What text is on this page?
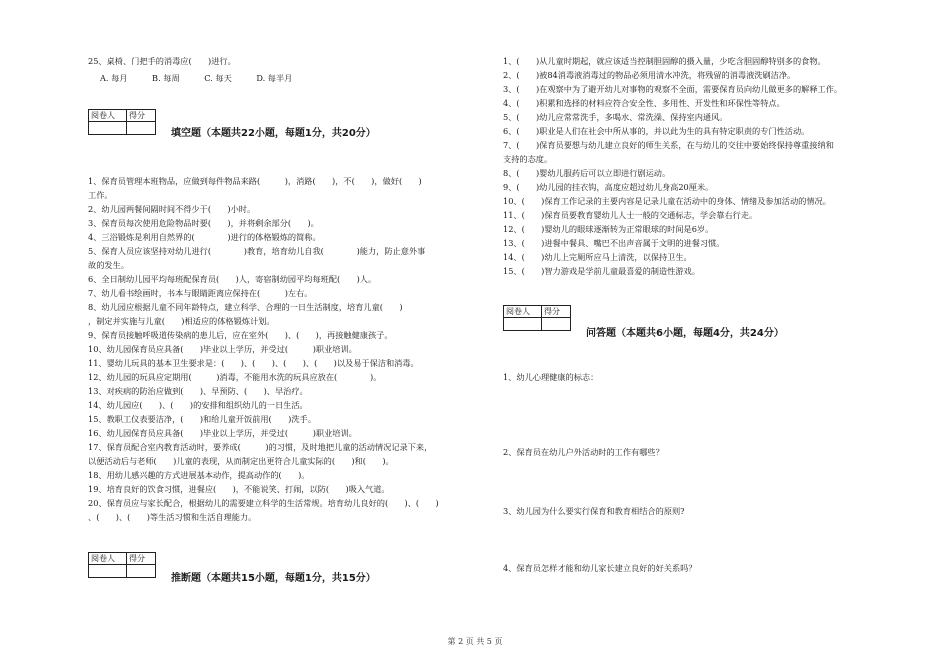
25、桌椅、门把手的消毒应(　　)进行。
A. 每月　　　B. 每周　　　C. 每天　　　D. 每半月
阅卷人	得分
填空题（本题共22小题，每题1分，共20分）
1、保育员管理本班物品，应做到每件物品来路(　　　)，消路(　　)，不(　　)，做好(　　)
工作。
2、幼儿园两餐间隔时间不得少于(　　)小时。
3、保育员每次使用危险物品时要(　　)，并将剩余部分(　　)。
4、三浴锻炼是利用自然界的(　　　　)进行的体格锻炼的简称。
5、保育人员应该坚持对幼儿进行(　　　　)教育，培育幼儿自我(　　　　)能力，防止意外事
故的发生。
6、全日制幼儿园平均每班配保育员(　　)人，寄宿制幼园平均每班配(　　)人。
7、幼儿看书绘画时，书本与眼睛距离应保持在(　　　)左右。
8、幼儿园应根据儿童不同年龄特点，建立科学、合理的一日生活制度，培育儿童(　　)
，制定并实施与儿童(　　)相适应的体格锻炼计划。
9、保育员接触呼吸道传染病的患儿后，应在室外(　　)、(　　)，再接触健康孩子。
10、幼儿园保育员应具备(　　)毕业以上学历，并受过(　　　)职业培训。
11、婴幼儿玩具的基本卫生要求是：(　　)、(　　)、(　　)、(　　)以及易于保洁和消毒。
12、幼儿园的玩具应定期用(　　　)消毒，不能用水洗的玩具应放在(　　　　)。
13、对疾病的防治应做到(　　)、早预防、(　　)、早治疗。
14、幼儿园应(　　)、(　　)的安排和组织幼儿的一日生活。
15、教职工仪表要洁净，(　　)和给儿童开饭前用(　　)洗手。
16、幼儿园保育员应具备(　　)毕业以上学历，并受过(　　　)职业培训。
17、保育员配合室内教育活动时，要养成(　　　)的习惯，及时地把儿童的活动情况记录下来，
以便活动后与老师(　　)儿童的表现，从而制定出更符合儿童实际的(　　)和(　　)。
18、用幼儿感兴趣的方式进展基本动作，提高动作的(　　)。
19、培育良好的饮食习惯，进餐应(　　)，不能说笑、打闹，以防(　　)吸入气道。
20、保育员应与家长配合，根据幼儿的需要建立科学的生活常规。培育幼儿良好的(　　)、(　　)
、(　　)、(　　)等生活习惯和生活自理能力。
阅卷人	得分
推断题（本题共15小题，每题1分，共15分）
1、(　　)从儿童时期起，就应该适当控制胆固醇的摄入量，少吃含胆固醇特别多的食物。
2、(　　)被84消毒液消毒过的物品必须用清水冲洗，将残留的消毒液洗刷洁净。
3、(　　)在观察中为了避开幼儿对事物的观察不全面，需要保育员向幼儿做更多的解释工作。
4、(　　)积累和选择的材料应符合安全性、多用性、开发性和环保性等特点。
5、(　　)幼儿应常常洗手，多喝水、常洗澡、保持室内通风。
6、(　　)职业是人们在社会中所从事的，并以此为生的具有特定职责的专门性活动。
7、(　　)保育员要想与幼儿建立良好的师生关系，在与幼儿的交往中要始终保持尊重接纳和
支持的态度。
8、(　　)婴幼儿服药后可以立即进行剧运动。
9、(　　)幼儿园的挂衣钩，高度应超过幼儿身高20厘米。
10、(　　)保育工作记录的主要内容是记录儿童在活动中的身体、情绪及参加活动的情况。
11、(　　)保育员要教育婴幼儿人士一般的交通标志，学会靠右行走。
12、(　　)婴幼儿的眼球逐渐转为正常眼球的时间是6岁。
13、(　　)进餐中餐具、嘴巴不出声音属于文明的进餐习惯。
14、(　　)幼儿上完厕所应马上清洗，以保持卫生。
15、(　　)智力游戏是学前儿童最喜爱的制造性游戏。
阅卷人	得分
问答题（本题共6小题，每题4分，共24分）
1、幼儿心理健康的标志：
2、保育员在幼儿户外活动时的工作有哪些？
3、幼儿园为什么要实行保育和教育相结合的原则?
4、保育员怎样才能和幼儿家长建立良好的好关系吗？
第 2 页 共 5 页
